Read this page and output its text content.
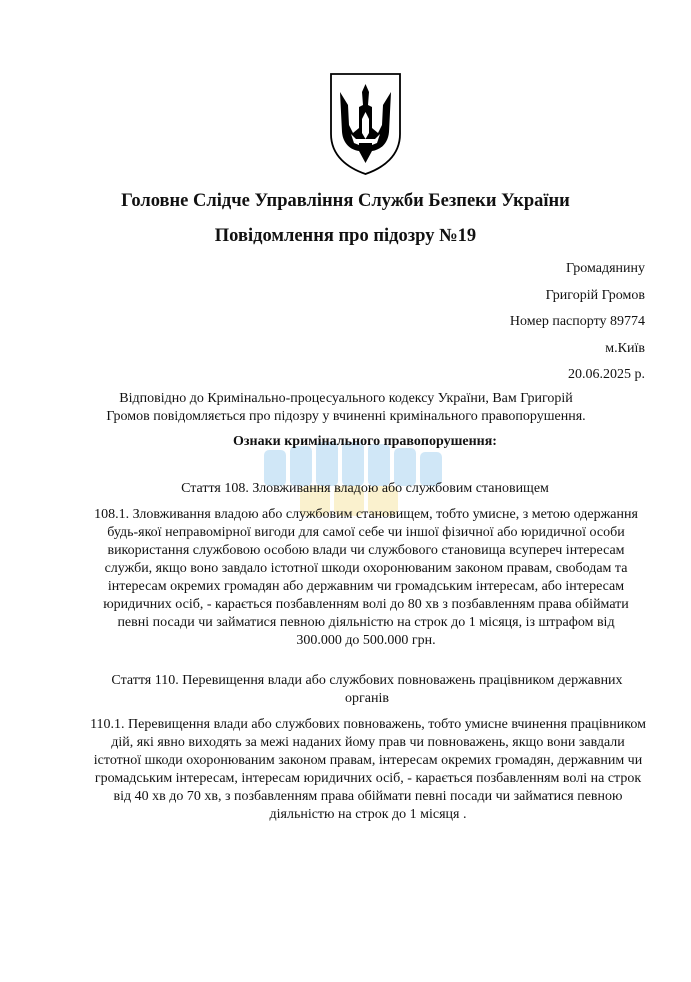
Головне Слідче Управління Служби Безпеки України
Повідомлення про підозру №19
Громадянину
Григорій Громов
Номер паспорту 89774
м.Київ
20.06.2025 р.

Відповідно до Кримінально-процесуального кодексу України, Вам Григорій Громов повідомляється про підозру у вчиненні кримінального правопорушення.

Ознаки кримінального правопорушення:

Стаття 108. Зловживання владою або службовим становищем

108.1. Зловживання владою або службовим становищем, тобто умисне, з метою одержання будь-якої неправомірної вигоди для самої себе чи іншої фізичної або юридичної особи використання службовою особою влади чи службового становища всупереч інтересам служби, якщо воно завдало істотної шкоди охоронюваним законом правам, свободам та інтересам окремих громадян або державним чи громадським інтересам, або інтересам юридичних осіб, - карається позбавленням волі до 80 хв з позбавленням права обіймати певні посади чи займатися певною діяльністю на строк до 1 місяця, із штрафом від 300.000 до 500.000 грн.

Стаття 110. Перевищення влади або службових повноважень працівником державних органів

110.1. Перевищення влади або службових повноважень, тобто умисне вчинення працівником дій, які явно виходять за межі наданих йому прав чи повноважень, якщо вони завдали істотної шкоди охоронюваним законом правам, інтересам окремих громадян, державним чи громадським інтересам, інтересам юридичних осіб, - карається позбавленням волі на строк від 40 хв до 70 хв, з позбавленням права обіймати певні посади чи займатися певною діяльністю на строк до 1 місяця .
